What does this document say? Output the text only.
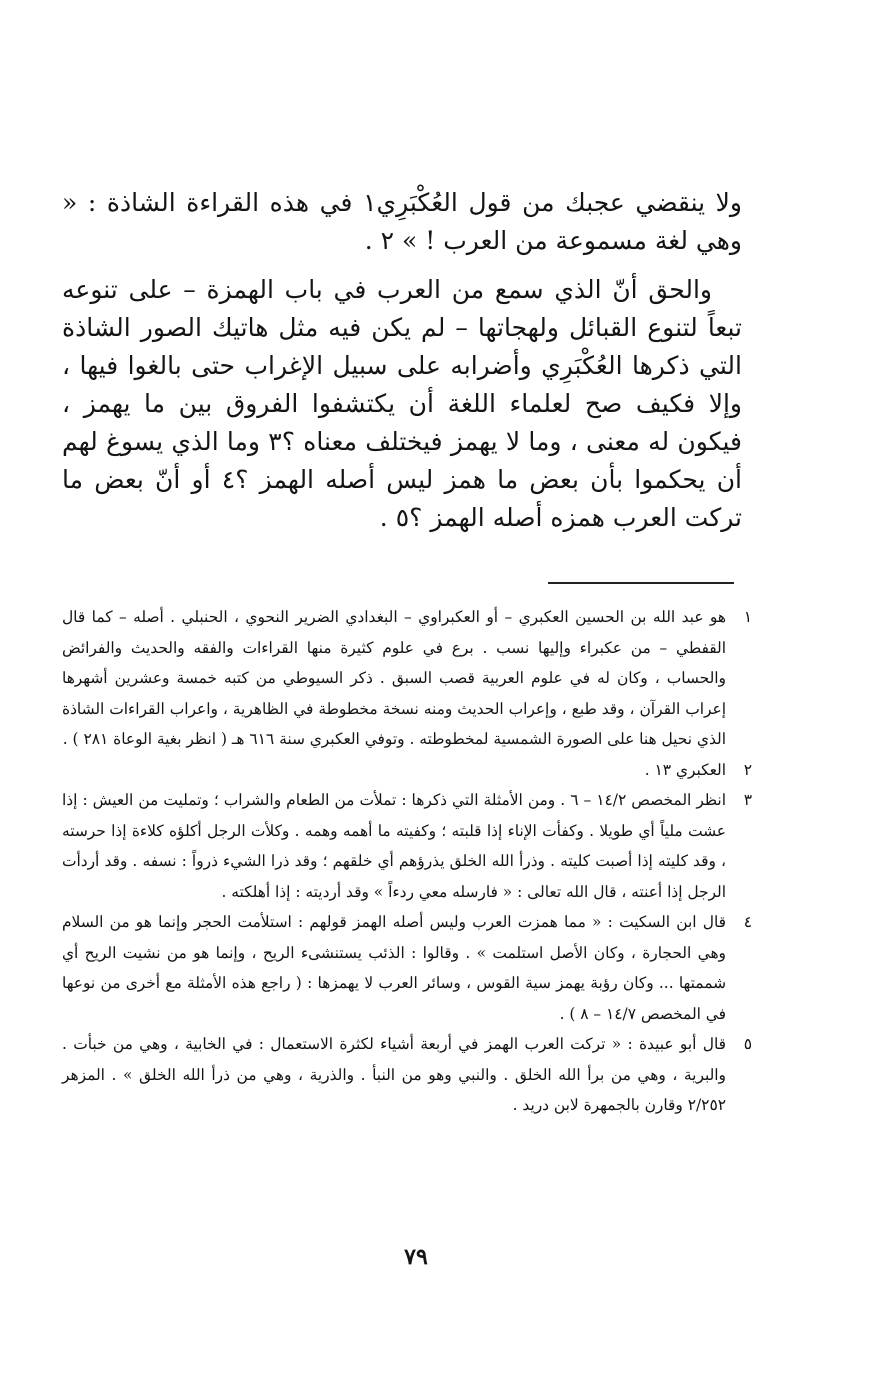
ولا ينقضي عجبك من قول العُكْبَرِي١ في هذه القراءة الشاذة : « وهي لغة مسموعة من العرب ! » ٢ .

والحق أنّ الذي سمع من العرب في باب الهمزة – على تنوعه تبعاً لتنوع القبائل ولهجاتها – لم يكن فيه مثل هاتيك الصور الشاذة التي ذكرها العُكْبَرِي وأضرابه على سبيل الإغراب حتى بالغوا فيها ، وإلا فكيف صح لعلماء اللغة أن يكتشفوا الفروق بين ما يهمز ، فيكون له معنى ، وما لا يهمز فيختلف معناه ؟٣ وما الذي يسوغ لهم أن يحكموا بأن بعض ما همز ليس أصله الهمز ؟٤ أو أنّ بعض ما تركت العرب همزه أصله الهمز ؟٥ .

١
هو عبد الله بن الحسين العكبري – أو العكبراوي – البغدادي الضرير النحوي ، الحنبلي . أصله – كما قال القفطي – من عكبراء وإليها نسب . برع في علوم كثيرة منها القراءات والفقه والحديث والفرائض والحساب ، وكان له في علوم العربية قصب السبق . ذكر السيوطي من كتبه خمسة وعشرين أشهرها إعراب القرآن ، وقد طبع ، وإعراب الحديث ومنه نسخة مخطوطة في الظاهرية ، واعراب القراءات الشاذة الذي نحيل هنا على الصورة الشمسية لمخطوطته . وتوفي العكبري سنة ٦١٦ هـ ( انظر بغية الوعاة ٢٨١ ) .
٢
العكبري ١٣ .
٣
انظر المخصص ١٤/٢ – ٦ . ومن الأمثلة التي ذكرها : تملأت من الطعام والشراب ؛ وتمليت من العيش : إذا عشت ملياً أي طويلا . وكفأت الإناء إذا قلبته ؛ وكفيته ما أهمه وهمه . وكلأت الرجل أكلؤه كلاءة إذا حرسته ، وقد كليته إذا أصبت كليته . وذرأ الله الخلق يذرؤهم أي خلقهم ؛ وقد ذرا الشيء ذرواً : نسفه . وقد أردأت الرجل إذا أعنته ، قال الله تعالى : « فارسله معي ردءاً » وقد أرديته : إذا أهلكته .
٤
قال ابن السكيت : « مما همزت العرب وليس أصله الهمز قولهم : استلأمت الحجر وإنما هو من السلام وهي الحجارة ، وكان الأصل استلمت » . وقالوا : الذئب يستنشىء الريح ، وإنما هو من نشيت الريح أي شممتها ... وكان رؤبة يهمز سية القوس ، وسائر العرب لا يهمزها : ( راجع هذه الأمثلة مع أخرى من نوعها في المخصص ١٤/٧ – ٨ ) .
٥
قال أبو عبيدة : « تركت العرب الهمز في أربعة أشياء لكثرة الاستعمال : في الخابية ، وهي من خبأت . والبرية ، وهي من برأ الله الخلق . والنبي وهو من النبأ . والذرية ، وهي من ذرأ الله الخلق » . المزهر ٢/٢٥٢ وقارن بالجمهرة لابن دريد .
٧٩
